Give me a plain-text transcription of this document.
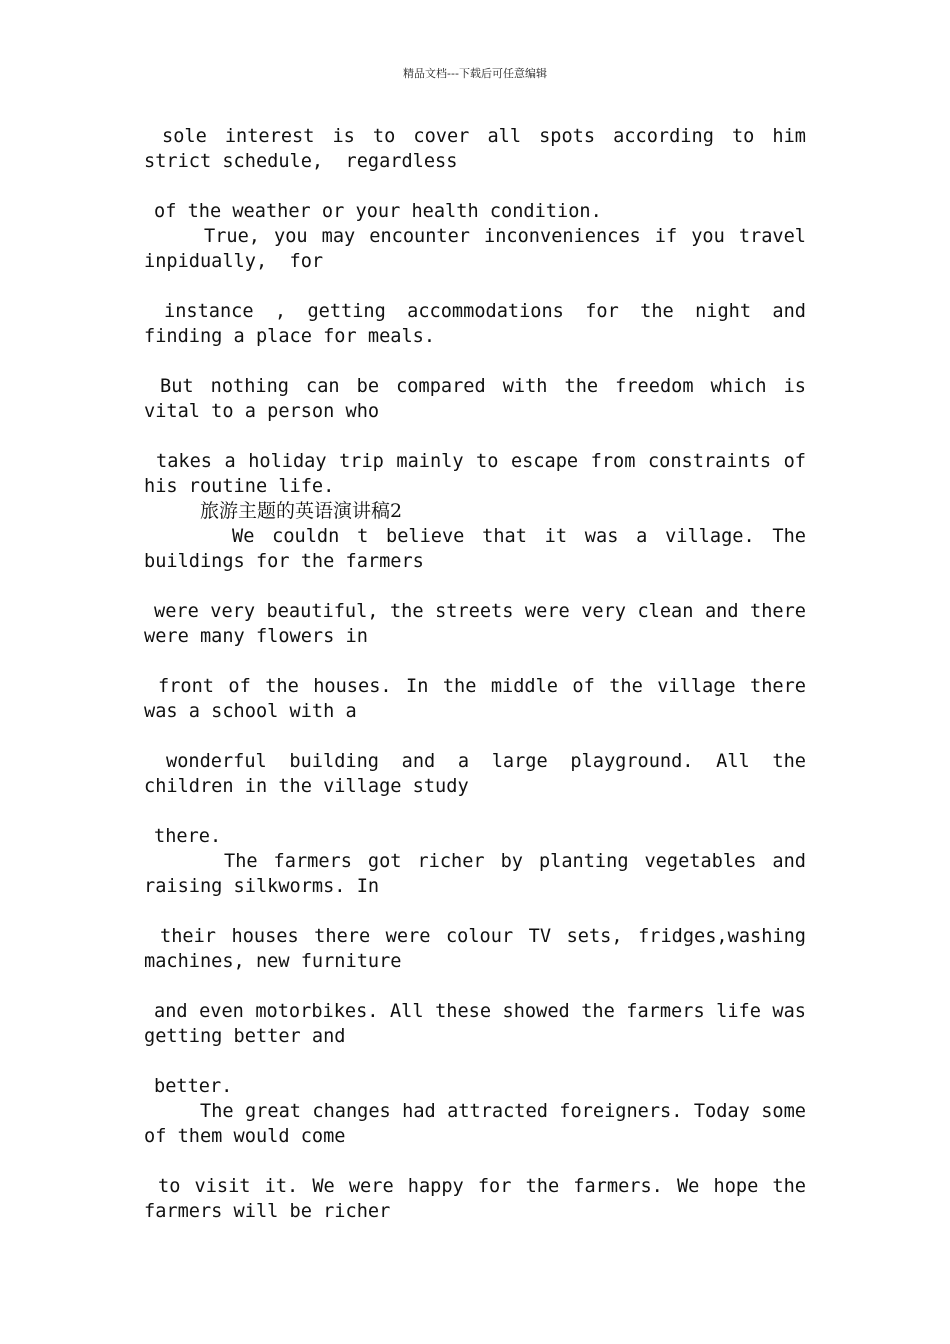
精品文档---下载后可任意编辑
sole interest is to cover all spots according to him
strict schedule,  regardless
of the weather or your health condition.
True, you may encounter inconveniences if you travel
inpidually,  for
instance , getting accommodations for the night and
finding a place for meals.
But nothing can be compared with the freedom which is
vital to a person who
takes a holiday trip mainly to escape from constraints of
his routine life.
旅游主题的英语演讲稿2
We couldn t believe that it was a village. The
buildings for the farmers
were very beautiful, the streets were very clean and there
were many flowers in
front of the houses. In the middle of the village there
was a school with a
wonderful building and a large playground. All the
children in the village study
there.
The farmers got richer by planting vegetables and
raising silkworms. In
their houses there were colour TV sets, fridges,washing
machines, new furniture
and even motorbikes. All these showed the farmers life was
getting better and
better.
The great changes had attracted foreigners. Today some
of them would come
to visit it. We were happy for the farmers. We hope the
farmers will be richer
